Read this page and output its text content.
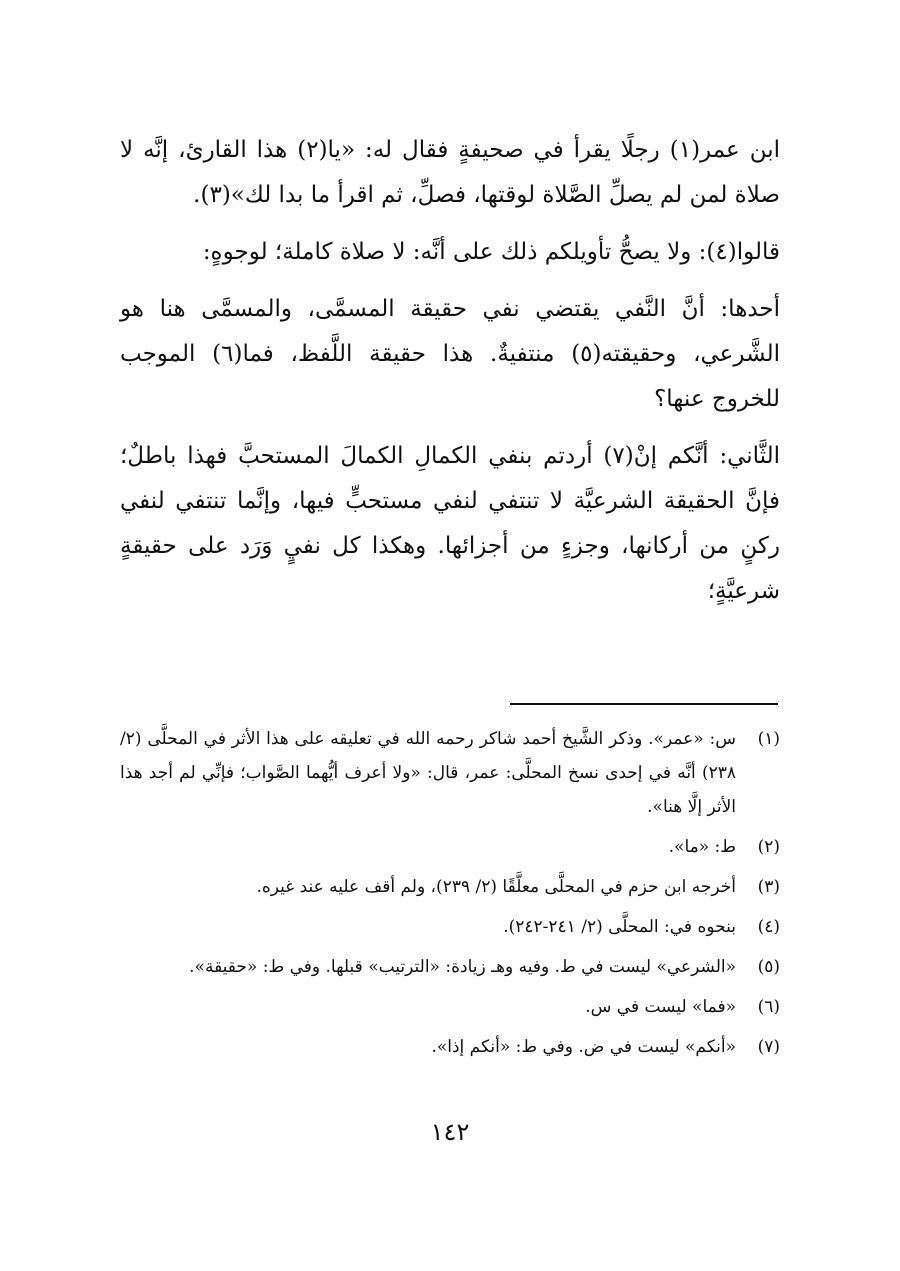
ابن عمر(١) رجلًا يقرأ في صحيفةٍ فقال له: «يا(٢) هذا القارئ، إنَّه لا صلاة لمن لم يصلِّ الصَّلاة لوقتها، فصلِّ، ثم اقرأ ما بدا لك»(٣).

قالوا(٤): ولا يصحُّ تأويلكم ذلك على أنَّه: لا صلاة كاملة؛ لوجوهٍ:

أحدها: أنَّ النَّفي يقتضي نفي حقيقة المسمَّى، والمسمَّى هنا هو الشَّرعي، وحقيقته(٥) منتفيةٌ. هذا حقيقة اللَّفظ، فما(٦) الموجب للخروج عنها؟

الثَّاني: أنَّكم إنْ(٧) أردتم بنفي الكمالِ الكمالَ المستحبَّ فهذا باطلٌ؛ فإنَّ الحقيقة الشرعيَّة لا تنتفي لنفي مستحبٍّ فيها، وإنَّما تنتفي لنفي ركنٍ من أركانها، وجزءٍ من أجزائها. وهكذا كل نفيٍ وَرَد على حقيقةٍ شرعيَّةٍ؛

(١)
س: «عمر». وذكر الشَّيخ أحمد شاكر رحمه الله في تعليقه على هذا الأثر في المحلَّى (٢/ ٢٣٨) أنَّه في إحدى نسخ المحلَّى: عمر، قال: «ولا أعرف أيُّهما الصَّواب؛ فإنِّي لم أجد هذا الأثر إلَّا هنا».
(٢)
ط: «ما».
(٣)
أخرجه ابن حزم في المحلَّى معلَّقًا (٢/ ٢٣٩)، ولم أقف عليه عند غيره.
(٤)
بنحوه في: المحلَّى (٢/ ٢٤١-٢٤٢).
(٥)
«الشرعي» ليست في ط. وفيه وهـ زيادة: «الترتيب» قبلها. وفي ط: «حقيقة».
(٦)
«فما» ليست في س.
(٧)
«أنكم» ليست في ض. وفي ط: «أنكم إذا».
١٤٢
